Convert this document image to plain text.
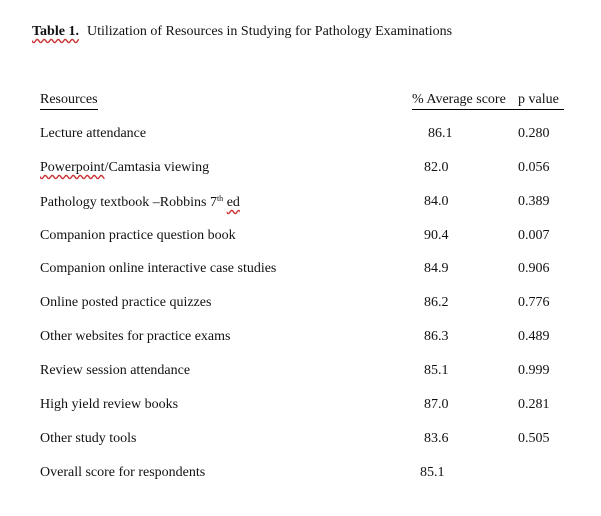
Table 1. Utilization of Resources in Studying for Pathology Examinations
Resources	% Average score p value
Lecture attendance	86.1	0.280
Powerpoint/Camtasia viewing	82.0	0.056
Pathology textbook –Robbins 7th ed	84.0	0.389
Companion practice question book	90.4	0.007
Companion online interactive case studies	84.9	0.906
Online posted practice quizzes	86.2	0.776
Other websites for practice exams	86.3	0.489
Review session attendance	85.1	0.999
High yield review books	87.0	0.281
Other study tools	83.6	0.505
Overall score for respondents	85.1
